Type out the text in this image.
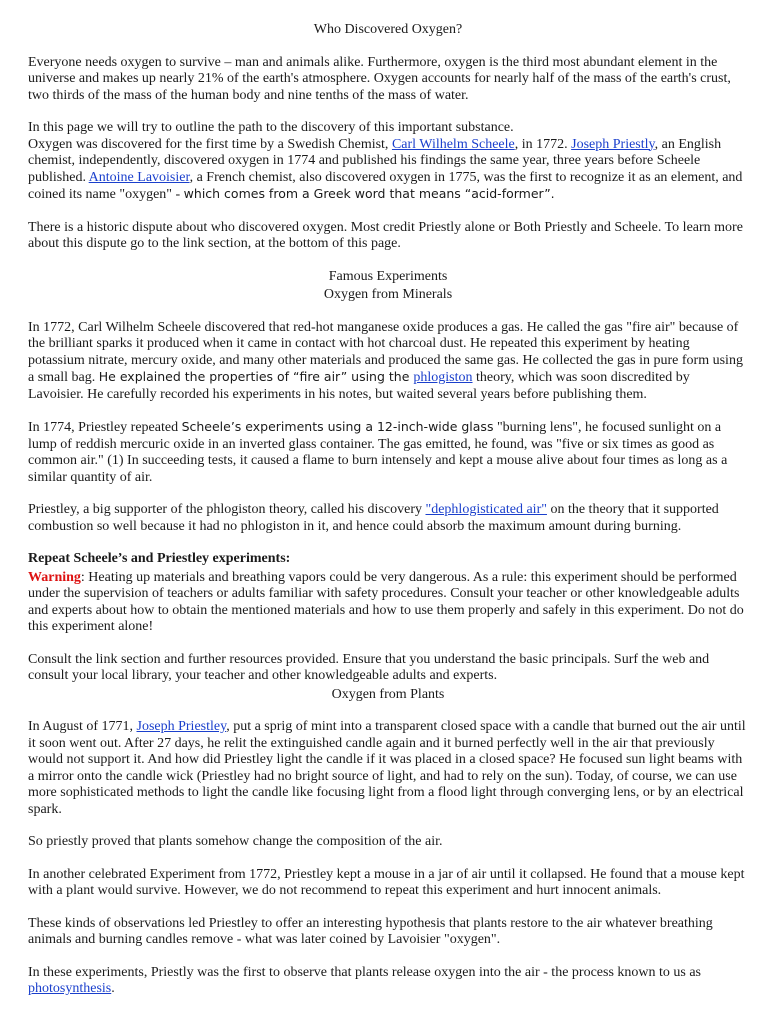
Who Discovered Oxygen?

Everyone needs oxygen to survive – man and animals alike. Furthermore, oxygen is the third most abundant element in the universe and makes up nearly 21% of the earth's atmosphere. Oxygen accounts for nearly half of the mass of the earth's crust, two thirds of the mass of the human body and nine tenths of the mass of water.

In this page we will try to outline the path to the discovery of this important substance.
Oxygen was discovered for the first time by a Swedish Chemist, Carl Wilhelm Scheele, in 1772. Joseph Priestly, an English chemist, independently, discovered oxygen in 1774 and published his findings the same year, three years before Scheele published. Antoine Lavoisier, a French chemist, also discovered oxygen in 1775, was the first to recognize it as an element, and coined its name "oxygen" - which comes from a Greek word that means “acid-former”.

There is a historic dispute about who discovered oxygen. Most credit Priestly alone or Both Priestly and Scheele. To learn more about this dispute go to the link section, at the bottom of this page.

Famous Experiments

Oxygen from Minerals

In 1772, Carl Wilhelm Scheele discovered that red-hot manganese oxide produces a gas. He called the gas "fire air" because of the brilliant sparks it produced when it came in contact with hot charcoal dust. He repeated this experiment by heating potassium nitrate, mercury oxide, and many other materials and produced the same gas. He collected the gas in pure form using a small bag. He explained the properties of “fire air” using the phlogiston theory, which was soon discredited by Lavoisier. He carefully recorded his experiments in his notes, but waited several years before publishing them.

In 1774, Priestley repeated Scheele’s experiments using a 12-inch-wide glass "burning lens", he focused sunlight on a lump of reddish mercuric oxide in an inverted glass container. The gas emitted, he found, was "five or six times as good as common air." (1) In succeeding tests, it caused a flame to burn intensely and kept a mouse alive about four times as long as a similar quantity of air.

Priestley, a big supporter of the phlogiston theory, called his discovery "dephlogisticated air" on the theory that it supported combustion so well because it had no phlogiston in it, and hence could absorb the maximum amount during burning.

Repeat Scheele’s and Priestley experiments:

Warning: Heating up materials and breathing vapors could be very dangerous. As a rule: this experiment should be performed under the supervision of teachers or adults familiar with safety procedures. Consult your teacher or other knowledgeable adults and experts about how to obtain the mentioned materials and how to use them properly and safely in this experiment. Do not do this experiment alone!

Consult the link section and further resources provided. Ensure that you understand the basic principals. Surf the web and consult your local library, your teacher and other knowledgeable adults and experts.

Oxygen from Plants

In August of 1771, Joseph Priestley, put a sprig of mint into a transparent closed space with a candle that burned out the air until it soon went out. After 27 days, he relit the extinguished candle again and it burned perfectly well in the air that previously would not support it. And how did Priestley light the candle if it was placed in a closed space? He focused sun light beams with a mirror onto the candle wick (Priestley had no bright source of light, and had to rely on the sun). Today, of course, we can use more sophisticated methods to light the candle like focusing light from a flood light through converging lens, or by an electrical spark.

So priestly proved that plants somehow change the composition of the air.

In another celebrated Experiment from 1772, Priestley kept a mouse in a jar of air until it collapsed. He found that a mouse kept with a plant would survive. However, we do not recommend to repeat this experiment and hurt innocent animals.

These kinds of observations led Priestley to offer an interesting hypothesis that plants restore to the air whatever breathing animals and burning candles remove - what was later coined by Lavoisier "oxygen".

In these experiments, Priestly was the first to observe that plants release oxygen into the air - the process known to us as photosynthesis.
